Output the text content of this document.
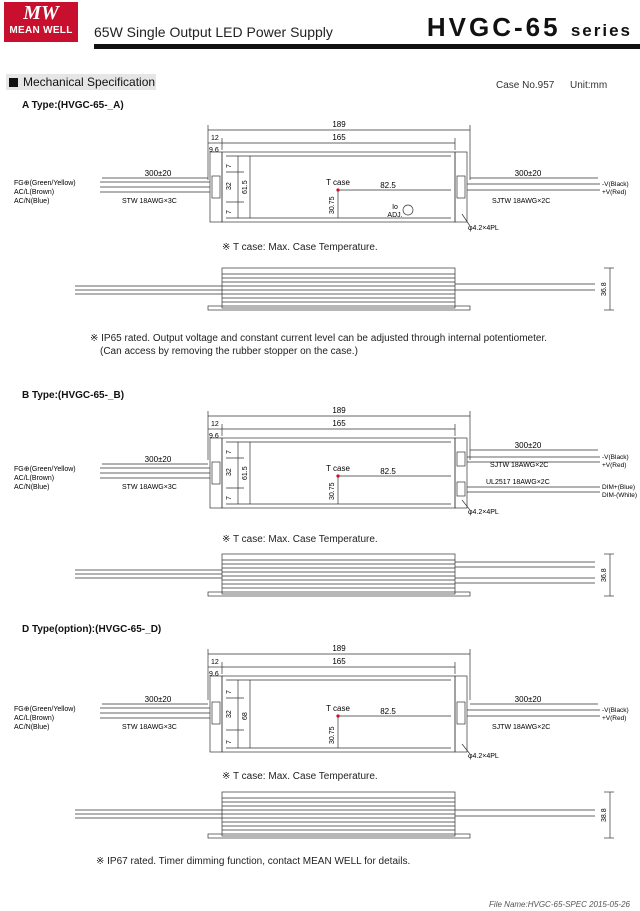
MW
MEAN WELL	65W Single Output LED Power Supply	HVGC-65 series
Mechanical Specification	Case No.957 Unit:mm
A Type:(HVGC-65-_A)
B Type:(HVGC-65-_B)
D Type(option):(HVGC-65-_D)
※ T case: Max. Case Temperature.
※ IP65 rated. Output voltage and constant current level can be adjusted through internal potentiometer.
(Can access by removing the rubber stopper on the case.)
※ T case: Max. Case Temperature.
※ T case: Max. Case Temperature.
※ IP67 rated. Timer dimming function, contact MEAN WELL for details.
File Name:HVGC-65-SPEC 2015-05-26
189
165
12
9.6
7
32
7
61.5
30.75
82.5
T case
Io
ADJ.
φ4.2×4PL
300±20	300±20
FG⊕(Green/Yellow)
AC/L(Brown)
AC/N(Blue)	STW 18AWG×3C	SJTW 18AWG×2C
-V(Black)
+V(Red)
36.8
189
165
12
9.6
7
32
7
61.5
30.75
82.5
T case
φ4.2×4PL
300±20
300±20
FG⊕(Green/Yellow)
AC/L(Brown)
AC/N(Blue)	STW 18AWG×3C
SJTW 18AWG×2C
UL2517 18AWG×2C
-V(Black)
+V(Red)
DIM+(Blue)
DIM-(White)
36.8
189
165
12
9.6
7
32
7
68
30.75
82.5
T case
φ4.2×4PL
300±20	300±20
FG⊕(Green/Yellow)
AC/L(Brown)
AC/N(Blue)	STW 18AWG×3C	SJTW 18AWG×2C
-V(Black)
+V(Red)
38.8
